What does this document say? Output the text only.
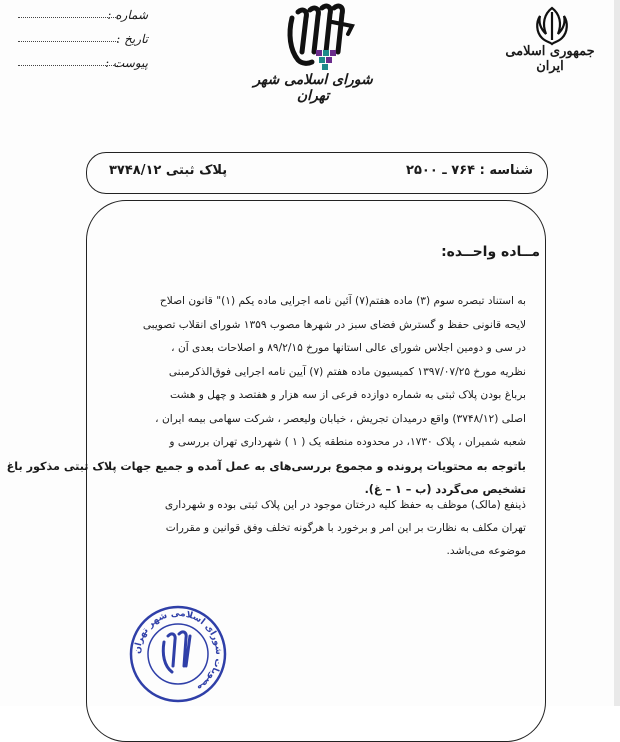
جمهوری اسلامی ایران
شورای اسلامی شهر تهران
شماره :
تاریخ :
پیوست :
شناسه : ۷۶۴ ـ ۲۵۰۰
پلاک ثبتی ۳۷۴۸/۱۲
مــاده واحــده:
به استناد تبصره سوم (۳) ماده هفتم(۷) آئین نامه اجرایی ماده یکم (۱)" قانون اصلاح
لایحه قانونی حفظ و گسترش فضای سبز در شهرها مصوب ۱۳۵۹ شورای انقلاب تصویبی
در سی و دومین اجلاس شورای عالی استانها مورخ ۸۹/۲/۱۵ و اصلاحات بعدی آن ،
نظریه مورخ ۱۳۹۷/۰۷/۲۵ کمیسیون ماده هفتم (۷) آیین نامه اجرایی فوق‌الذکرمبنی
برباغ بودن پلاک ثبتی به شماره دوازده فرعی از سه هزار و هفتصد و چهل و هشت
اصلی (۳۷۴۸/۱۲) واقع درمیدان تجریش ، خیابان ولیعصر ، شرکت سهامی بیمه ایران ،
شعبه شمیران ، پلاک ۱۷۳۰، در محدوده منطقه یک ( ۱ ) شهرداری تهران بررسی و
باتوجه به محتویات پرونده و مجموع بررسی‌های به عمل آمده و جمیع جهات پلاک ثبتی مذکور باغ
تشخیص می‌گردد (ب – ۱ – غ).
ذینفع (مالک) موظف به حفظ کلیه درختان موجود در این پلاک ثبتی بوده و شهرداری
تهران مکلف به نظارت بر این امر و برخورد با هرگونه تخلف وفق قوانین و مقررات
موضوعه می‌باشد.
مصوبات شورای اسلامی شهر تهران
